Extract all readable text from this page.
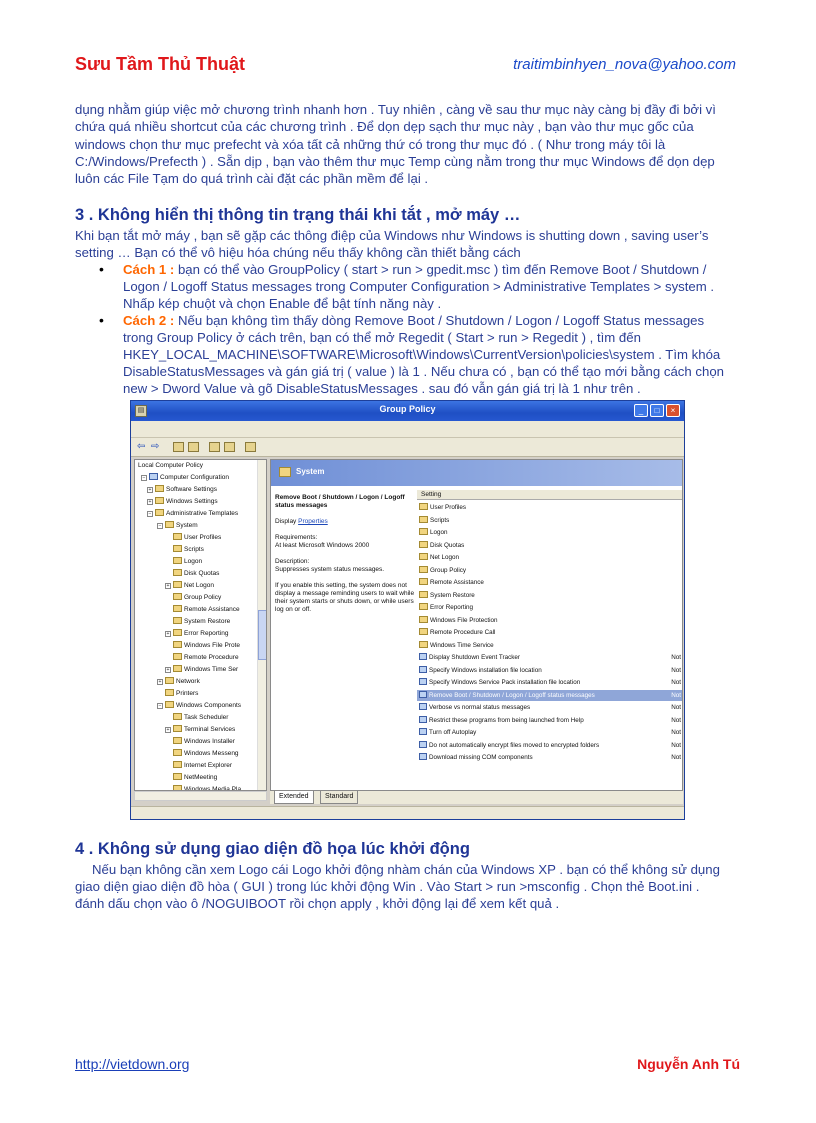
Sưu Tầm Thủ Thuật	traitimbinhyen_nova@yahoo.com
dụng nhằm giúp việc mở chương trình nhanh hơn . Tuy nhiên , càng về sau thư mục này càng bị đầy đi bởi vì
chứa quá nhiều shortcut của các chương trình . Để dọn dẹp sạch thư mục này , bạn vào thư mục gốc của
windows chọn thư mục prefecht và xóa tất cả những thứ có trong thư mục đó . ( Như trong máy tôi là
C:/Windows/Prefecth ) . Sẵn dịp , bạn vào thêm thư mục Temp cùng nằm trong thư mục Windows để dọn dẹp
luôn các File Tạm do quá trình cài đặt các phần mềm để lại .
3 . Không hiển thị thông tin trạng thái khi tắt , mở máy …
Khi bạn tắt mở máy , bạn sẽ gặp các thông điệp của Windows như Windows is shutting down , saving user’s
setting … Bạn có thể vô hiệu hóa chúng nếu thấy không cần thiết bằng cách
• Cách 1 : bạn có thể vào GroupPolicy ( start > run > gpedit.msc ) tìm đến Remove Boot / Shutdown /
Logon / Logoff Status messages trong Computer Configuration > Administrative Templates > system .
Nhấp kép chuột và chọn Enable để bật tính năng này .
• Cách 2 : Nếu bạn không tìm thấy dòng Remove Boot / Shutdown / Logon / Logoff Status messages
trong Group Policy ở cách trên, bạn có thể mở Regedit ( Start > run > Regedit ) , tìm đến
HKEY_LOCAL_MACHINE\SOFTWARE\Microsoft\Windows\CurrentVersion\policies\system . Tìm khóa
DisableStatusMessages và gán giá trị ( value ) là 1 . Nếu chưa có , bạn có thể tạo mới bằng cách chọn
new > Dword Value và gõ DisableStatusMessages . sau đó vẫn gán giá trị là 1 như trên .
▤	Group Policy	_	□	×
⇦ ⇨
Local Computer Policy
− Computer Configuration
+ Software Settings
+ Windows Settings
− Administrative Templates
− System
User Profiles
Scripts
Logon
Disk Quotas
+ Net Logon
Group Policy
Remote Assistance
System Restore
+ Error Reporting
Windows File Prote
Remote Procedure
+ Windows Time Ser
+ Network
Printers
− Windows Components
Task Scheduler
+ Terminal Services
Windows Installer
Windows Messeng
Internet Explorer
NetMeeting
Windows Media Pla
System
Remove Boot / Shutdown / Logon / Logoff status messages
Display Properties
Requirements:
At least Microsoft Windows 2000
Description:
Suppresses system status messages.
If you enable this setting, the system does not display a message reminding users to wait while their system starts or shuts down, or while users log on or off.
Setting
User Profiles
Scripts
Logon
Disk Quotas
Net Logon
Group Policy
Remote Assistance
System Restore
Error Reporting
Windows File Protection
Remote Procedure Call
Windows Time Service
Display Shutdown Event Tracker	Not
Specify Windows installation file location	Not
Specify Windows Service Pack installation file location	Not
Remove Boot / Shutdown / Logon / Logoff status messages	Not
Verbose vs normal status messages	Not
Restrict these programs from being launched from Help	Not
Turn off Autoplay	Not
Do not automatically encrypt files moved to encrypted folders	Not
Download missing COM components	Not
Extended	Standard
4 . Không sử dụng giao diện đồ họa lúc khởi động
Nếu bạn không cần xem Logo cái Logo khởi động nhàm chán của Windows XP . bạn có thể không sử dụng
giao diện giao diện đồ hòa ( GUI ) trong lúc khởi động Win . Vào Start > run >msconfig . Chọn thẻ Boot.ini .
đánh dấu chọn vào ô /NOGUIBOOT rồi chọn apply , khởi động lại để xem kết quả .
http://vietdown.org	Nguyễn Anh Tú
